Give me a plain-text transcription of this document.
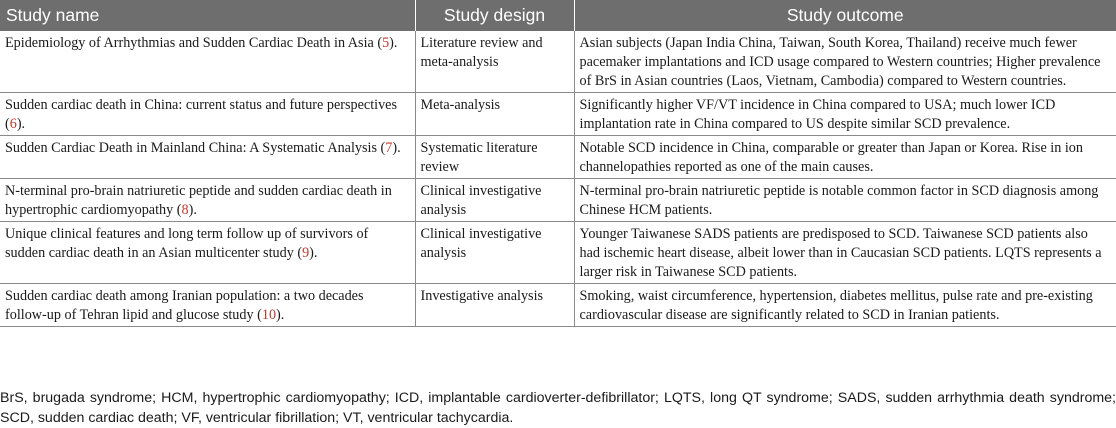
Study name	Study design	Study outcome
Epidemiology of Arrhythmias and Sudden Cardiac Death in Asia (5).	Literature review and meta-analysis	Asian subjects (Japan India China, Taiwan, South Korea, Thailand) receive much fewer pacemaker implantations and ICD usage compared to Western countries; Higher prevalence of BrS in Asian countries (Laos, Vietnam, Cambodia) compared to Western countries.
Sudden cardiac death in China: current status and future perspectives (6).	Meta-analysis	Significantly higher VF/VT incidence in China compared to USA; much lower ICD implantation rate in China compared to US despite similar SCD prevalence.
Sudden Cardiac Death in Mainland China: A Systematic Analysis (7).	Systematic literature review	Notable SCD incidence in China, comparable or greater than Japan or Korea. Rise in ion channelopathies reported as one of the main causes.
N-terminal pro-brain natriuretic peptide and sudden cardiac death in hypertrophic cardiomyopathy (8).	Clinical investigative analysis	N-terminal pro-brain natriuretic peptide is notable common factor in SCD diagnosis among Chinese HCM patients.
Unique clinical features and long term follow up of survivors of sudden cardiac death in an Asian multicenter study (9).	Clinical investigative analysis	Younger Taiwanese SADS patients are predisposed to SCD. Taiwanese SCD patients also had ischemic heart disease, albeit lower than in Caucasian SCD patients. LQTS represents a larger risk in Taiwanese SCD patients.
Sudden cardiac death among Iranian population: a two decades follow-up of Tehran lipid and glucose study (10).	Investigative analysis	Smoking, waist circumference, hypertension, diabetes mellitus, pulse rate and pre-existing cardiovascular disease are significantly related to SCD in Iranian patients.
BrS, brugada syndrome; HCM, hypertrophic cardiomyopathy; ICD, implantable cardioverter-defibrillator; LQTS, long QT syndrome; SADS, sudden arrhythmia death syndrome; SCD, sudden cardiac death; VF, ventricular fibrillation; VT, ventricular tachycardia.
